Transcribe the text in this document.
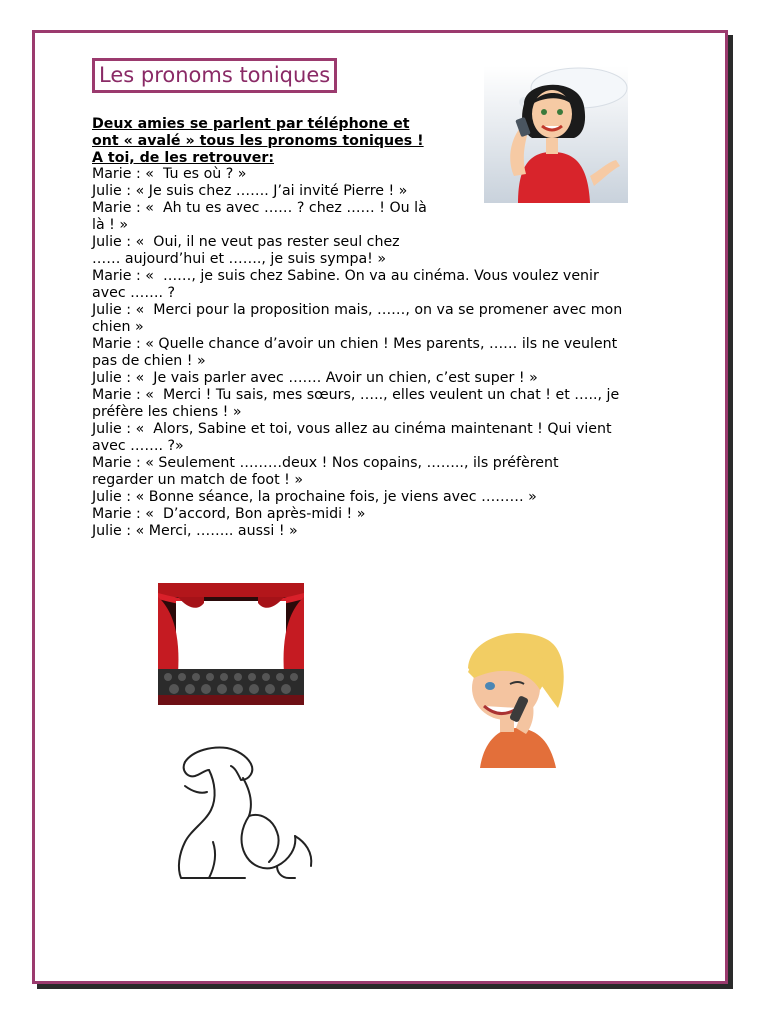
Les pronoms toniques
Deux amies se parlent par téléphone et
ont « avalé » tous les pronoms toniques !
A toi, de les retrouver:
Marie : «  Tu es où ? »
Julie : « Je suis chez ……. J’ai invité Pierre ! »
Marie : «  Ah tu es avec …… ? chez …… ! Ou là
là ! »
Julie : «  Oui, il ne veut pas rester seul chez
…… aujourd’hui et ……., je suis sympa! »
Marie : «  ……, je suis chez Sabine. On va au cinéma. Vous voulez venir
avec ……. ?
Julie : «  Merci pour la proposition mais, ……, on va se promener avec mon
chien »
Marie : « Quelle chance d’avoir un chien ! Mes parents, …… ils ne veulent
pas de chien ! »
Julie : «  Je vais parler avec ……. Avoir un chien, c’est super ! »
Marie : «  Merci ! Tu sais, mes sœurs, ….., elles veulent un chat ! et ….., je
préfère les chiens ! »
Julie : «  Alors, Sabine et toi, vous allez au cinéma maintenant ! Qui vient
avec ……. ?»
Marie : « Seulement ………deux ! Nos copains, …….., ils préfèrent
regarder un match de foot ! »
Julie : « Bonne séance, la prochaine fois, je viens avec ……… »
Marie : «  D’accord, Bon après-midi ! »
Julie : « Merci, …….. aussi ! »
